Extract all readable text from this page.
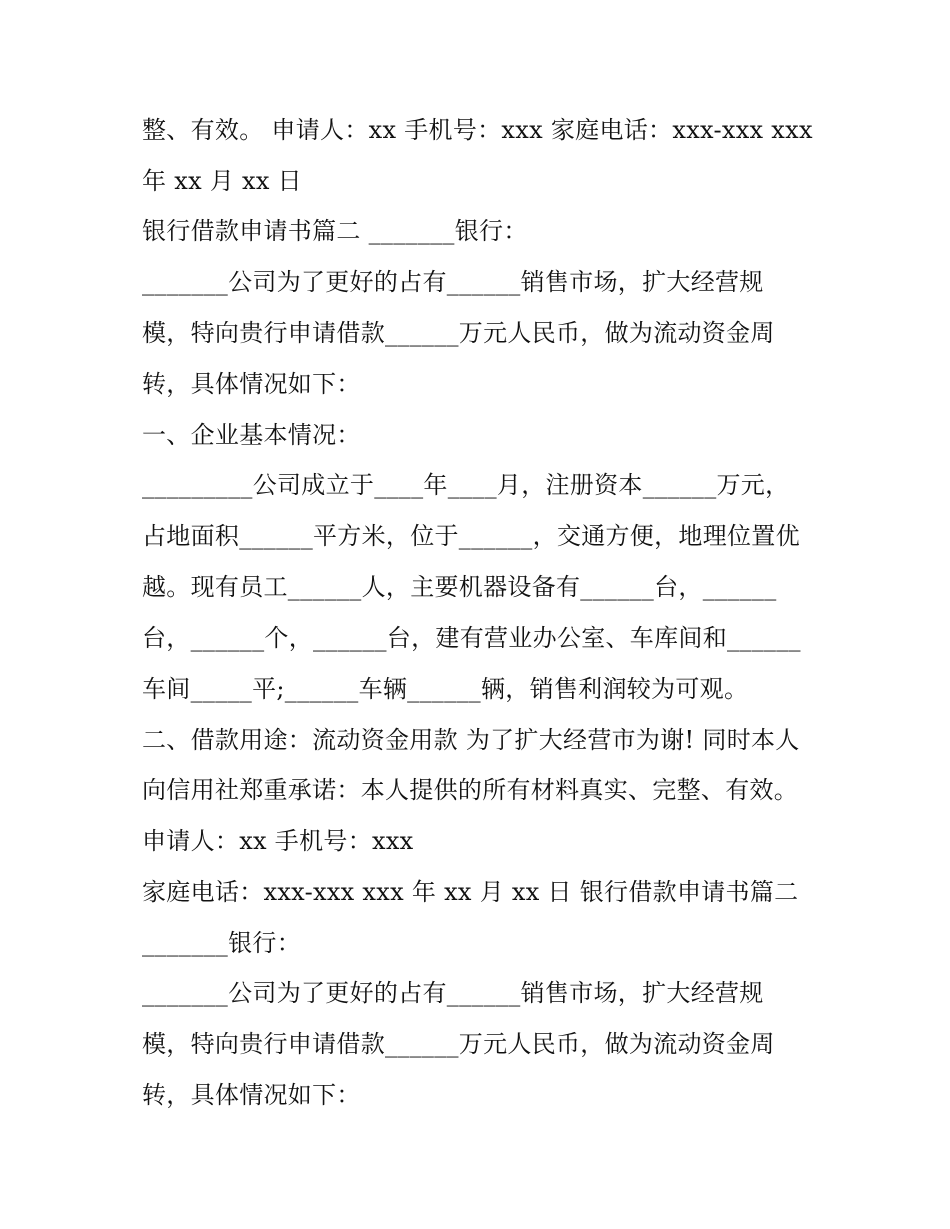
整、有效。 申请人：xx 手机号：xxx 家庭电话：xxx-xxx xxx
年 xx 月 xx 日
银行借款申请书篇二 _______银行：
_______公司为了更好的占有______销售市场，扩大经营规
模，特向贵行申请借款______万元人民币，做为流动资金周
转，具体情况如下：
一、企业基本情况：
_________公司成立于____年____月，注册资本______万元，
占地面积______平方米，位于______，交通方便，地理位置优
越。现有员工______人，主要机器设备有______台，______
台，______个，______台，建有营业办公室、车库间和______
车间_____平;______车辆______辆，销售利润较为可观。
二、借款用途：流动资金用款 为了扩大经营市为谢! 同时本人
向信用社郑重承诺：本人提供的所有材料真实、完整、有效。
申请人：xx 手机号：xxx
家庭电话：xxx-xxx xxx 年 xx 月 xx 日 银行借款申请书篇二
_______银行：
_______公司为了更好的占有______销售市场，扩大经营规
模，特向贵行申请借款______万元人民币，做为流动资金周
转，具体情况如下：
